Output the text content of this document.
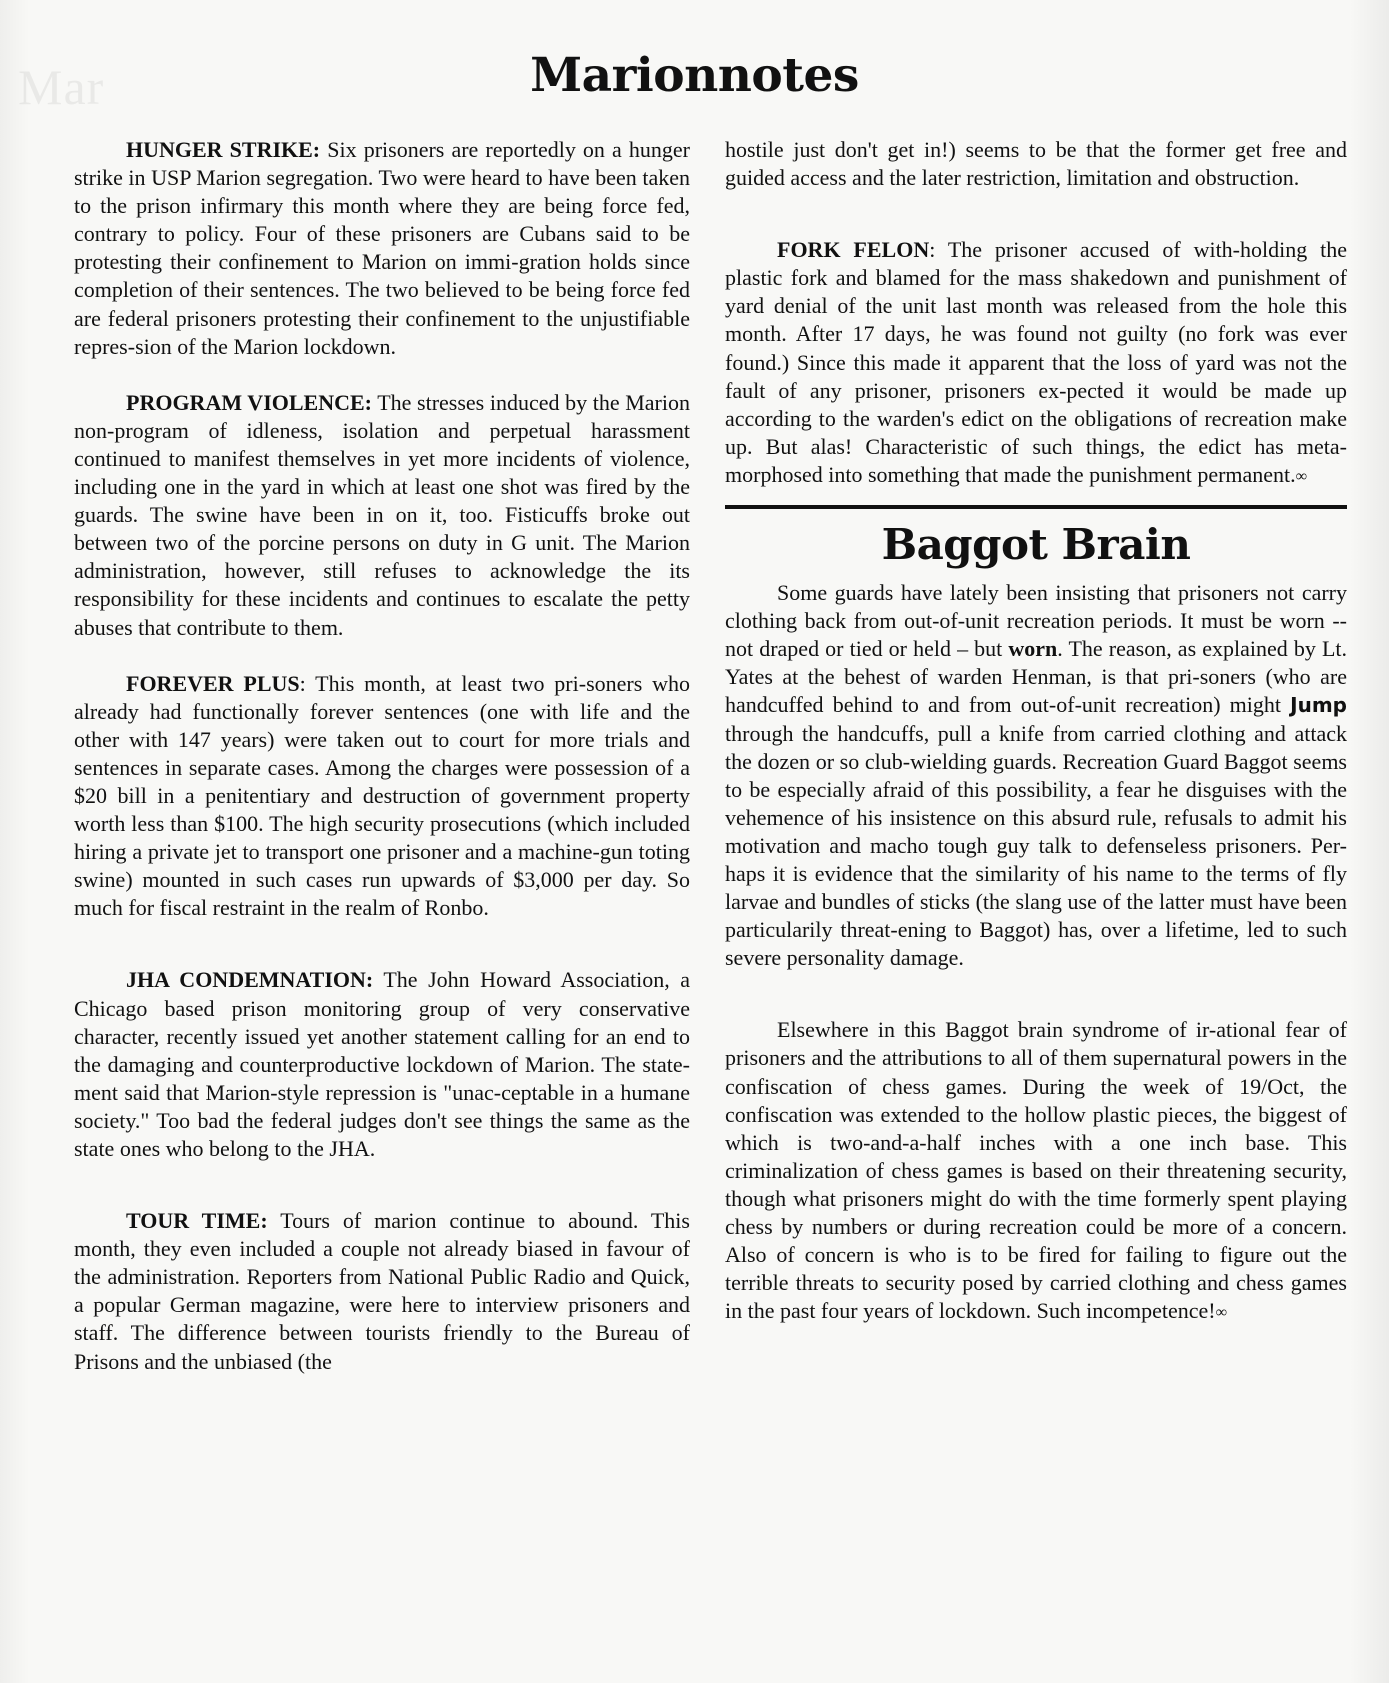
Mar	Marionnotes

HUNGER STRIKE: Six prisoners are reportedly on a hunger strike in USP Marion segregation. Two were heard to have been taken to the prison infirmary this month where they are being force fed, contrary to policy. Four of these prisoners are Cubans said to be protesting their confinement to Marion on immi-gration holds since completion of their sentences. The two believed to be being force fed are federal prisoners protesting their confinement to the unjustifiable repres-sion of the Marion lockdown.

PROGRAM VIOLENCE: The stresses induced by the Marion non-program of idleness, isolation and perpetual harassment continued to manifest themselves in yet more incidents of violence, including one in the yard in which at least one shot was fired by the guards. The swine have been in on it, too. Fisticuffs broke out between two of the porcine persons on duty in G unit. The Marion administration, however, still refuses to acknowledge the its responsibility for these incidents and continues to escalate the petty abuses that contribute to them.

FOREVER PLUS: This month, at least two pri-soners who already had functionally forever sentences (one with life and the other with 147 years) were taken out to court for more trials and sentences in separate cases. Among the charges were possession of a $20 bill in a penitentiary and destruction of government property worth less than $100. The high security prosecutions (which included hiring a private jet to transport one prisoner and a machine-gun toting swine) mounted in such cases run upwards of $3,000 per day. So much for fiscal restraint in the realm of Ronbo.

JHA CONDEMNATION: The John Howard Association, a Chicago based prison monitoring group of very conservative character, recently issued yet another statement calling for an end to the damaging and counterproductive lockdown of Marion. The state-ment said that Marion-style repression is "unac-ceptable in a humane society." Too bad the federal judges don't see things the same as the state ones who belong to the JHA.

TOUR TIME: Tours of marion continue to abound. This month, they even included a couple not already biased in favour of the administration. Reporters from National Public Radio and Quick, a popular German magazine, were here to interview prisoners and staff. The difference between tourists friendly to the Bureau of Prisons and the unbiased (the

hostile just don't get in!) seems to be that the former get free and guided access and the later restriction, limitation and obstruction.

FORK FELON: The prisoner accused of with-holding the plastic fork and blamed for the mass shakedown and punishment of yard denial of the unit last month was released from the hole this month. After 17 days, he was found not guilty (no fork was ever found.) Since this made it apparent that the loss of yard was not the fault of any prisoner, prisoners ex-pected it would be made up according to the warden's edict on the obligations of recreation make up. But alas! Characteristic of such things, the edict has meta-morphosed into something that made the punishment permanent.∞

Baggot Brain

Some guards have lately been insisting that prisoners not carry clothing back from out-of-unit recreation periods. It must be worn -- not draped or tied or held – but worn. The reason, as explained by Lt. Yates at the behest of warden Henman, is that pri-soners (who are handcuffed behind to and from out-of-unit recreation) might Jump through the handcuffs, pull a knife from carried clothing and attack the dozen or so club-wielding guards. Recreation Guard Baggot seems to be especially afraid of this possibility, a fear he disguises with the vehemence of his insistence on this absurd rule, refusals to admit his motivation and macho tough guy talk to defenseless prisoners. Per-haps it is evidence that the similarity of his name to the terms of fly larvae and bundles of sticks (the slang use of the latter must have been particularily threat-ening to Baggot) has, over a lifetime, led to such severe personality damage.

Elsewhere in this Baggot brain syndrome of ir-ational fear of prisoners and the attributions to all of them supernatural powers in the confiscation of chess games. During the week of 19/Oct, the confiscation was extended to the hollow plastic pieces, the biggest of which is two-and-a-half inches with a one inch base. This criminalization of chess games is based on their threatening security, though what prisoners might do with the time formerly spent playing chess by numbers or during recreation could be more of a concern. Also of concern is who is to be fired for failing to figure out the terrible threats to security posed by carried clothing and chess games in the past four years of lockdown. Such incompetence!∞
